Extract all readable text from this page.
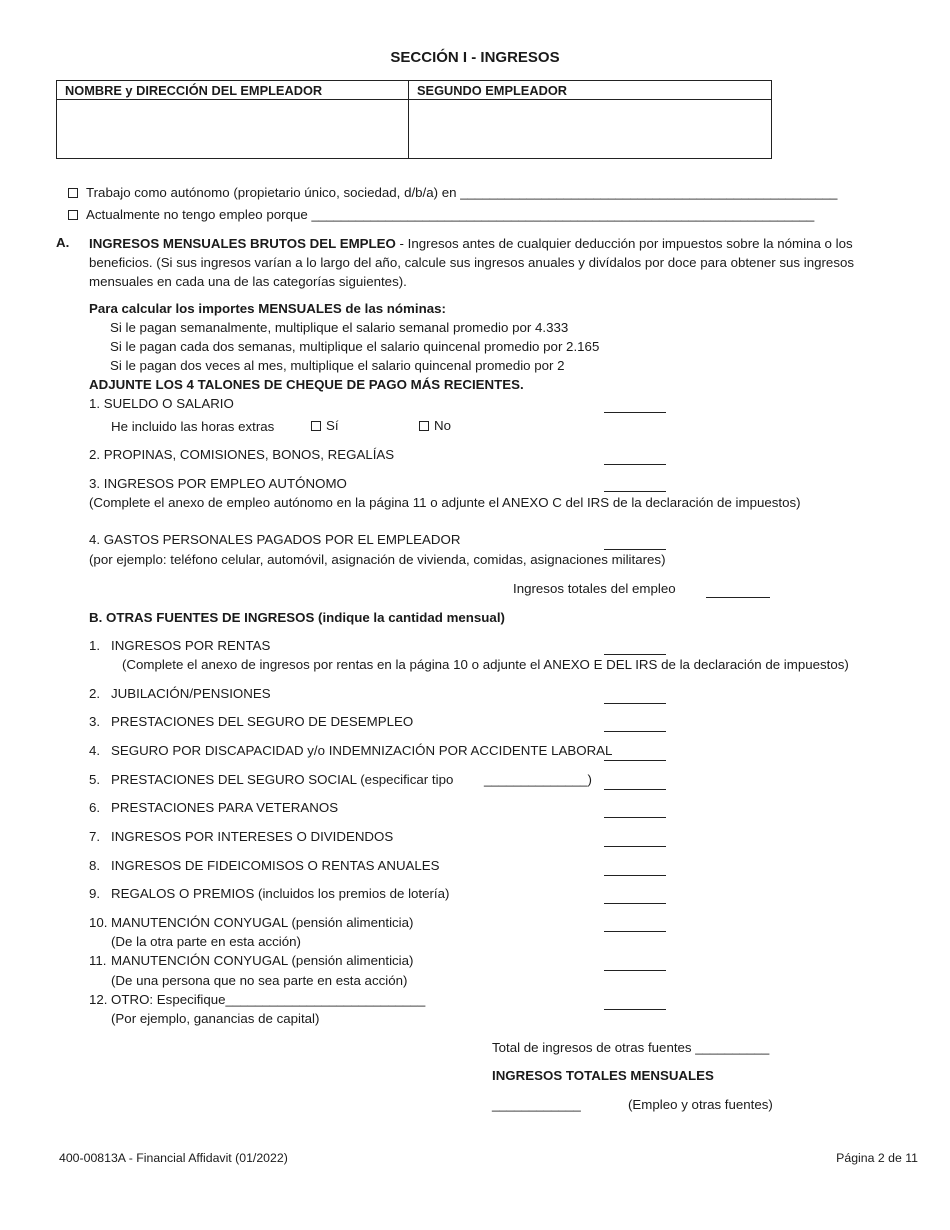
SECCIÓN I - INGRESOS
NOMBRE y DIRECCIÓN DEL EMPLEADOR	SEGUNDO EMPLEADOR

Trabajo como autónomo (propietario único, sociedad, d/b/a) en ___________________________________________________
Actualmente no tengo empleo porque ____________________________________________________________________
A. INGRESOS MENSUALES BRUTOS DEL EMPLEO - Ingresos antes de cualquier deducción por impuestos sobre la nómina o los beneficios. (Si sus ingresos varían a lo largo del año, calcule sus ingresos anuales y divídalos por doce para obtener sus ingresos mensuales en cada una de las categorías siguientes).
Para calcular los importes MENSUALES de las nóminas:
Si le pagan semanalmente, multiplique el salario semanal promedio por 4.333
Si le pagan cada dos semanas, multiplique el salario quincenal promedio por 2.165
Si le pagan dos veces al mes, multiplique el salario quincenal promedio por 2
ADJUNTE LOS 4 TALONES DE CHEQUE DE PAGO MÁS RECIENTES.
1. SUELDO O SALARIO
He incluido las horas extras	Sí	No
2. PROPINAS, COMISIONES, BONOS, REGALÍAS
3. INGRESOS POR EMPLEO AUTÓNOMO
(Complete el anexo de empleo autónomo en la página 11 o adjunte el ANEXO C del IRS de la declaración de impuestos)
4. GASTOS PERSONALES PAGADOS POR EL EMPLEADOR
(por ejemplo: teléfono celular, automóvil, asignación de vivienda, comidas, asignaciones militares)
Ingresos totales del empleo
B. OTRAS FUENTES DE INGRESOS (indique la cantidad mensual)
1. INGRESOS POR RENTAS
(Complete el anexo de ingresos por rentas en la página 10 o adjunte el ANEXO E DEL IRS de la declaración de impuestos)
2. JUBILACIÓN/PENSIONES
3. PRESTACIONES DEL SEGURO DE DESEMPLEO
4. SEGURO POR DISCAPACIDAD y/o INDEMNIZACIÓN POR ACCIDENTE LABORAL
5. PRESTACIONES DEL SEGURO SOCIAL (especificar tipo ______________)
6. PRESTACIONES PARA VETERANOS
7. INGRESOS POR INTERESES O DIVIDENDOS
8. INGRESOS DE FIDEICOMISOS O RENTAS ANUALES
9. REGALOS O PREMIOS (incluidos los premios de lotería)
10. MANUTENCIÓN CONYUGAL (pensión alimenticia)
(De la otra parte en esta acción)
11. MANUTENCIÓN CONYUGAL (pensión alimenticia)
(De una persona que no sea parte en esta acción)
12. OTRO: Especifique___________________________
(Por ejemplo, ganancias de capital)
Total de ingresos de otras fuentes __________
INGRESOS TOTALES MENSUALES
____________	(Empleo y otras fuentes)
400-00813A - Financial Affidavit (01/2022)	Página 2 de 11
